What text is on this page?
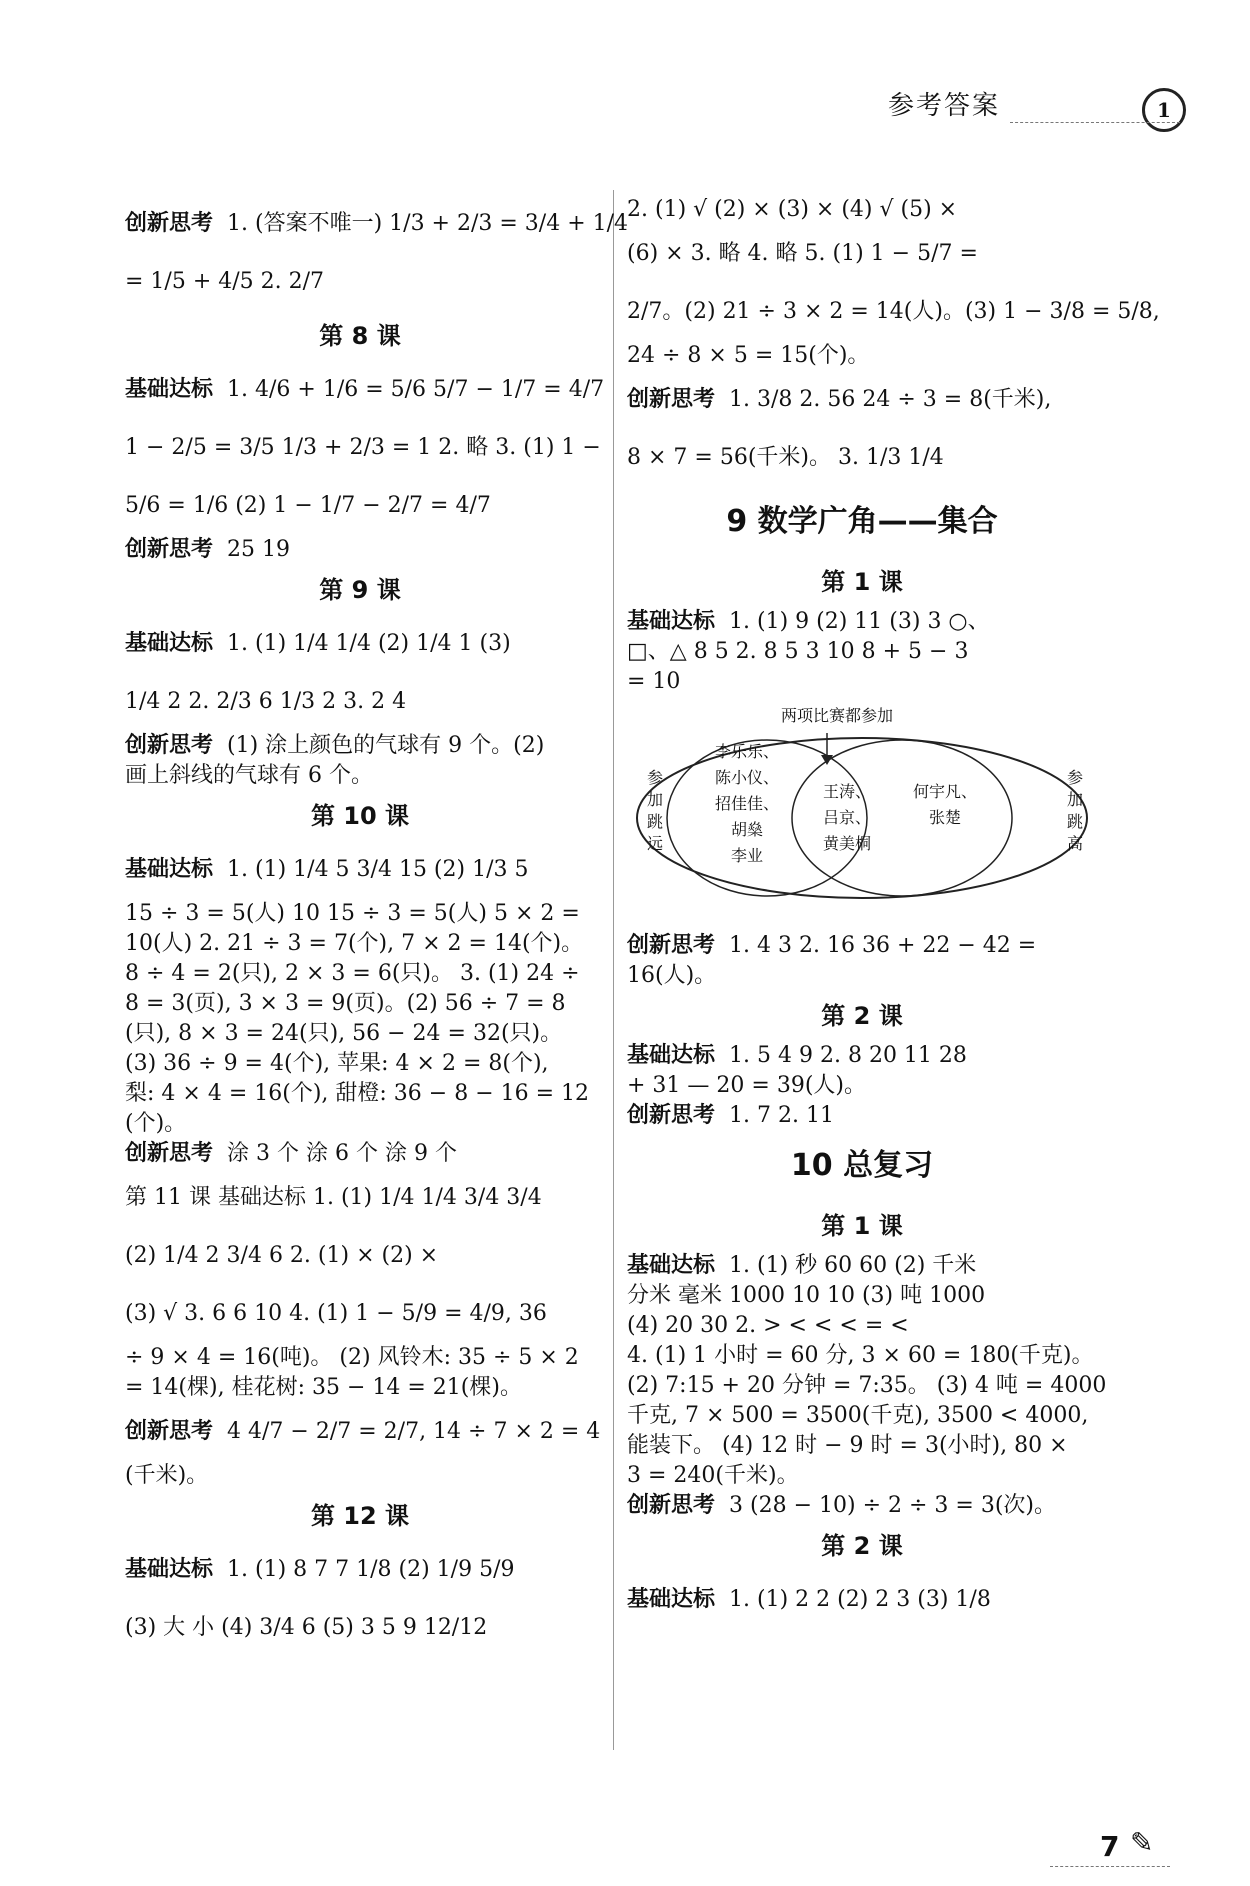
参考答案	1
创新思考 1. (答案不唯一) 1/3 + 2/3 = 3/4 + 1/4
= 1/5 + 4/5 2. 2/7
第 8 课
基础达标 1. 4/6 + 1/6 = 5/6 5/7 − 1/7 = 4/7
1 − 2/5 = 3/5 1/3 + 2/3 = 1 2. 略 3. (1) 1 −
5/6 = 1/6 (2) 1 − 1/7 − 2/7 = 4/7
创新思考 25 19
第 9 课
基础达标 1. (1) 1/4 1/4 (2) 1/4 1 (3)
1/4 2 2. 2/3 6 1/3 2 3. 2 4
创新思考 (1) 涂上颜色的气球有 9 个。(2)
画上斜线的气球有 6 个。
第 10 课
基础达标 1. (1) 1/4 5 3/4 15 (2) 1/3 5
15 ÷ 3 = 5(人) 10 15 ÷ 3 = 5(人) 5 × 2 =
10(人) 2. 21 ÷ 3 = 7(个), 7 × 2 = 14(个)。
8 ÷ 4 = 2(只), 2 × 3 = 6(只)。 3. (1) 24 ÷
8 = 3(页), 3 × 3 = 9(页)。(2) 56 ÷ 7 = 8
(只), 8 × 3 = 24(只), 56 − 24 = 32(只)。
(3) 36 ÷ 9 = 4(个), 苹果: 4 × 2 = 8(个),
梨: 4 × 4 = 16(个), 甜橙: 36 − 8 − 16 = 12
(个)。
创新思考 涂 3 个 涂 6 个 涂 9 个
第 11 课 基础达标 1. (1) 1/4 1/4 3/4 3/4
(2) 1/4 2 3/4 6 2. (1) × (2) ×
(3) √ 3. 6 6 10 4. (1) 1 − 5/9 = 4/9, 36
÷ 9 × 4 = 16(吨)。 (2) 风铃木: 35 ÷ 5 × 2
= 14(棵), 桂花树: 35 − 14 = 21(棵)。
创新思考 4 4/7 − 2/7 = 2/7, 14 ÷ 7 × 2 = 4
(千米)。
第 12 课
基础达标 1. (1) 8 7 7 1/8 (2) 1/9 5/9
(3) 大 小 (4) 3/4 6 (5) 3 5 9 12/12
2. (1) √ (2) × (3) × (4) √ (5) ×
(6) × 3. 略 4. 略 5. (1) 1 − 5/7 =
2/7。(2) 21 ÷ 3 × 2 = 14(人)。(3) 1 − 3/8 = 5/8,
24 ÷ 8 × 5 = 15(个)。
创新思考 1. 3/8 2. 56 24 ÷ 3 = 8(千米),
8 × 7 = 56(千米)。 3. 1/3 1/4
9 数学广角——集合
第 1 课
基础达标 1. (1) 9 (2) 11 (3) 3 ○、
□、△ 8 5 2. 8 5 3 10 8 + 5 − 3
= 10
两项比赛都参加
参加跳远
参加跳高
李乐乐、
陈小仪、
招佳佳、
胡燊
李业
王涛、
吕京、
黄美桐
何宇凡、
张楚
创新思考 1. 4 3 2. 16 36 + 22 − 42 =
16(人)。
第 2 课
基础达标 1. 5 4 9 2. 8 20 11 28
+ 31 — 20 = 39(人)。
创新思考 1. 7 2. 11
10 总复习
第 1 课
基础达标 1. (1) 秒 60 60 (2) 千米
分米 毫米 1000 10 10 (3) 吨 1000
(4) 20 30 2. > < < < = <
4. (1) 1 小时 = 60 分, 3 × 60 = 180(千克)。
(2) 7:15 + 20 分钟 = 7:35。 (3) 4 吨 = 4000
千克, 7 × 500 = 3500(千克), 3500 < 4000,
能装下。 (4) 12 时 − 9 时 = 3(小时), 80 ×
3 = 240(千米)。
创新思考 3 (28 − 10) ÷ 2 ÷ 3 = 3(次)。
第 2 课
基础达标 1. (1) 2 2 (2) 2 3 (3) 1/8
7 ✎
